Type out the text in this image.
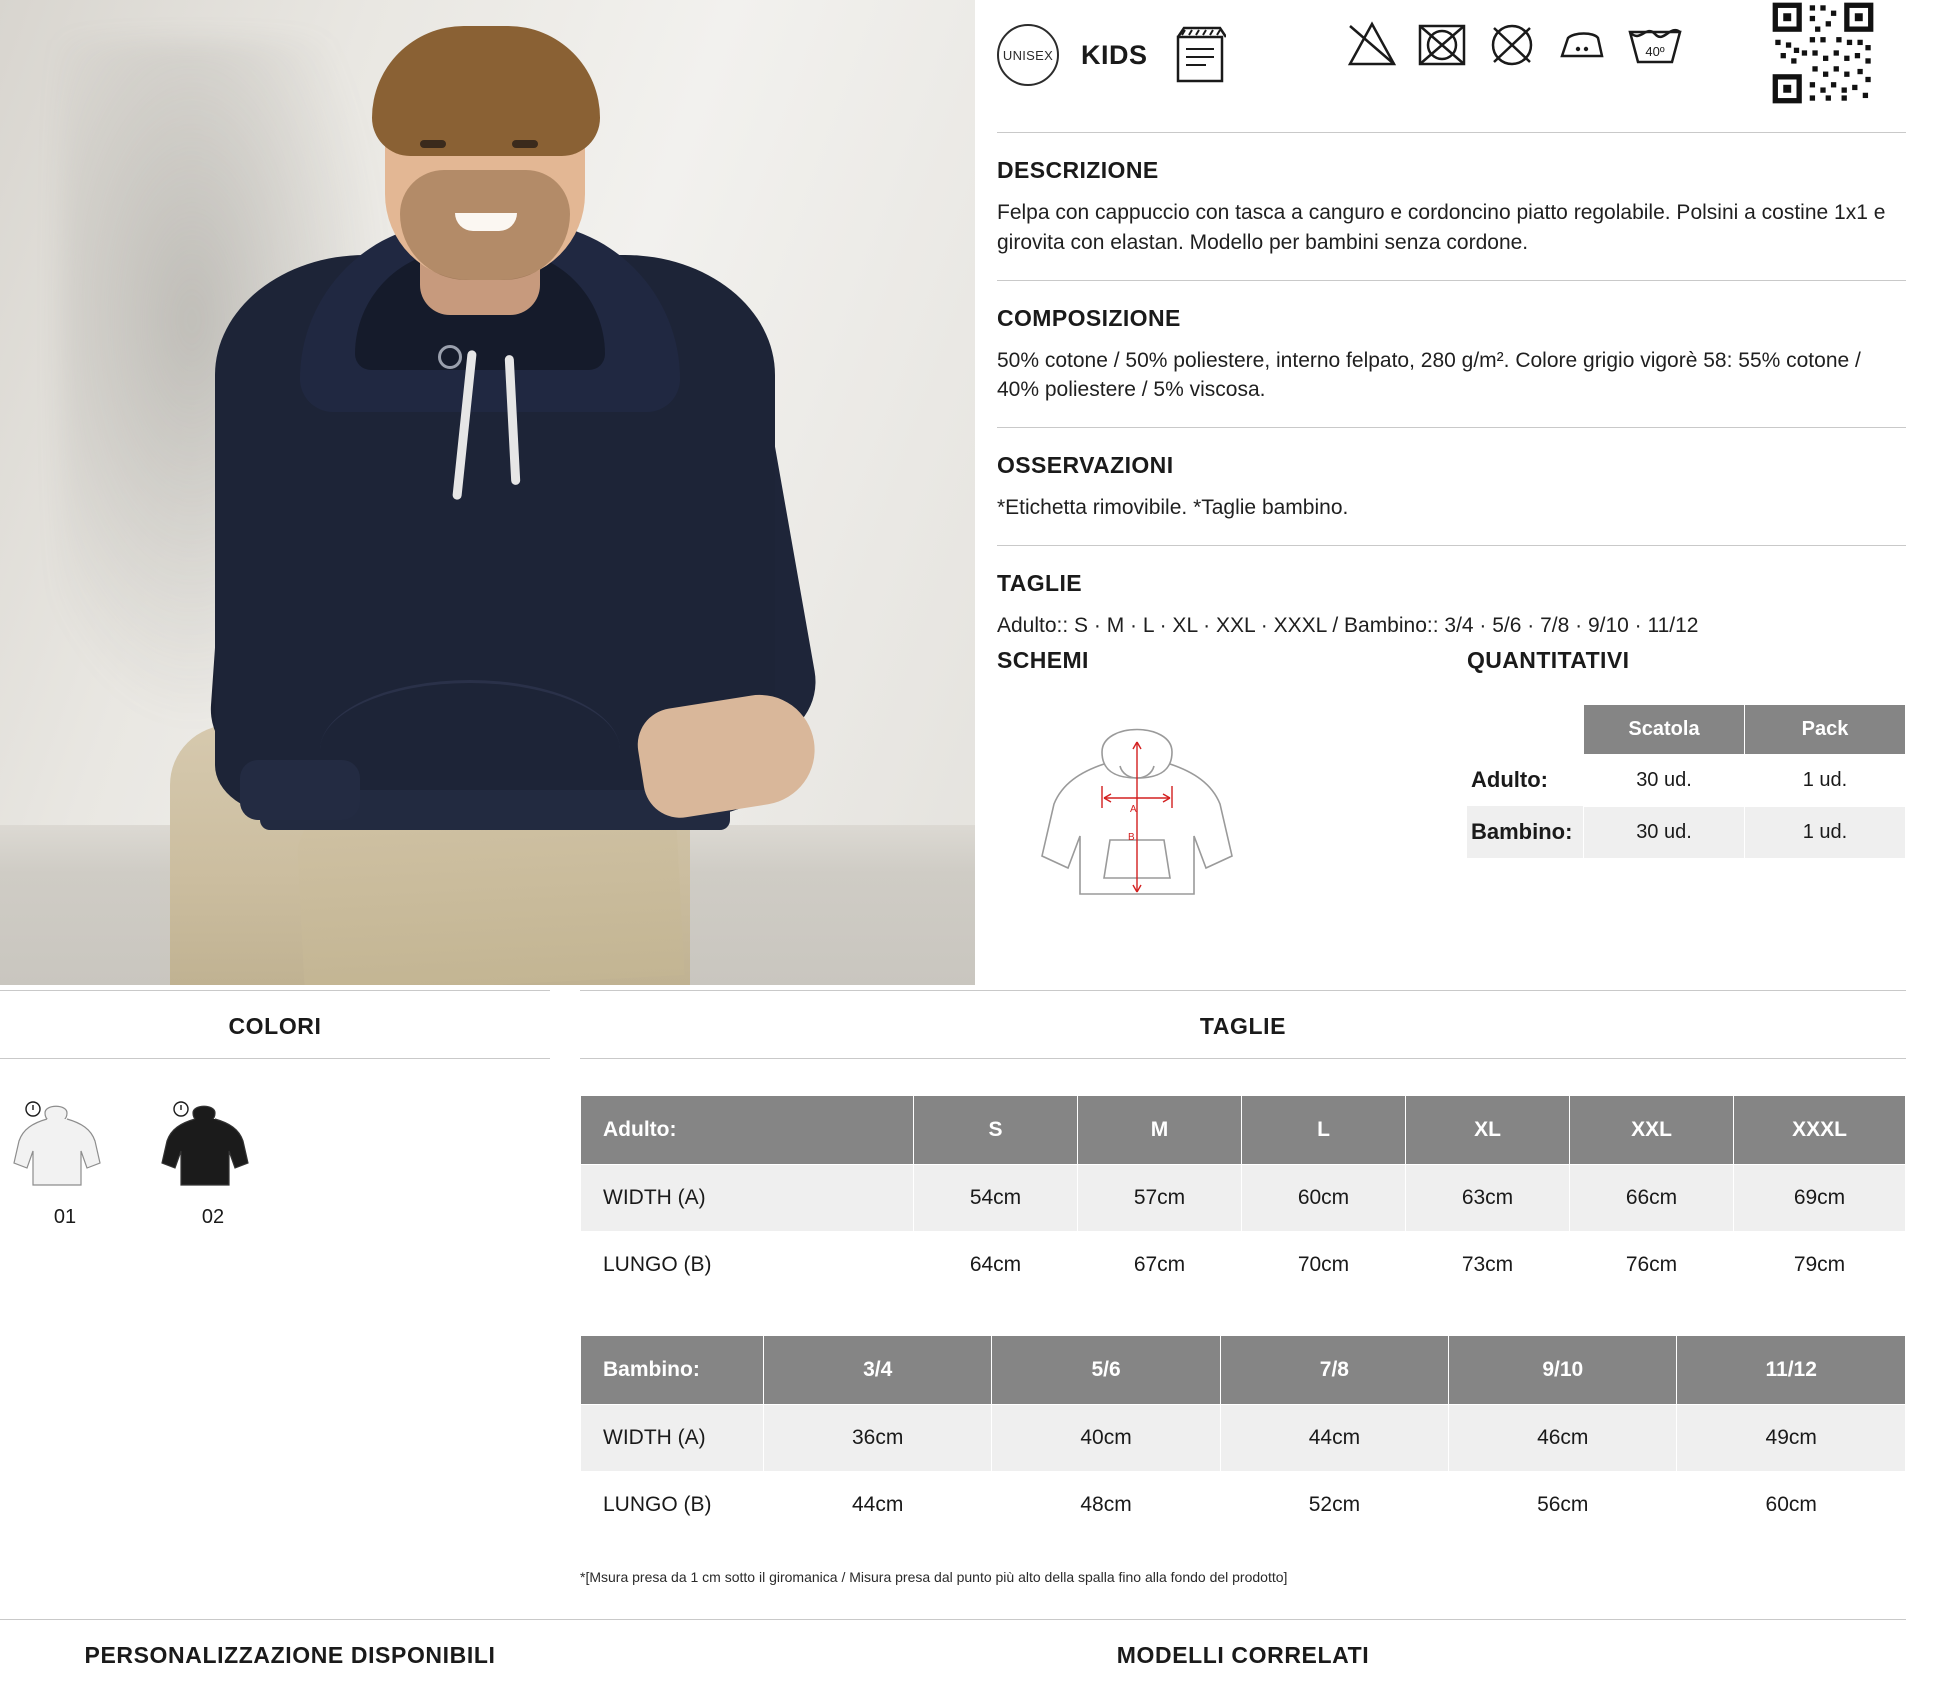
UNISEX KIDS	40º
DESCRIZIONE

Felpa con cappuccio con tasca a canguro e cordoncino piatto regolabile. Polsini a costine 1x1 e girovita con elastan. Modello per bambini senza cordone.

COMPOSIZIONE

50% cotone / 50% poliestere, interno felpato, 280 g/m². Colore grigio vigorè 58: 55% cotone / 40% poliestere / 5% viscosa.

OSSERVAZIONI

*Etichetta rimovibile. *Taglie bambino.

TAGLIE

Adulto:: S · M · L · XL · XXL · XXXL / Bambino:: 3/4 · 5/6 · 7/8 · 9/10 · 11/12

SCHEMI
A
B
QUANTITATIVI
	Scatola	Pack
Adulto:	30 ud.	1 ud.
Bambino:	30 ud.	1 ud.
COLORI
01	02
TAGLIE
Adulto:	S	M	L	XL	XXL	XXXL
WIDTH (A)	54cm	57cm	60cm	63cm	66cm	69cm
LUNGO (B)	64cm	67cm	70cm	73cm	76cm	79cm
Bambino:	3/4	5/6	7/8	9/10	11/12
WIDTH (A)	36cm	40cm	44cm	46cm	49cm
LUNGO (B)	44cm	48cm	52cm	56cm	60cm
*[Msura presa da 1 cm sotto il giromanica / Misura presa dal punto più alto della spalla fino alla fondo del prodotto]
PERSONALIZZAZIONE DISPONIBILI	MODELLI CORRELATI
